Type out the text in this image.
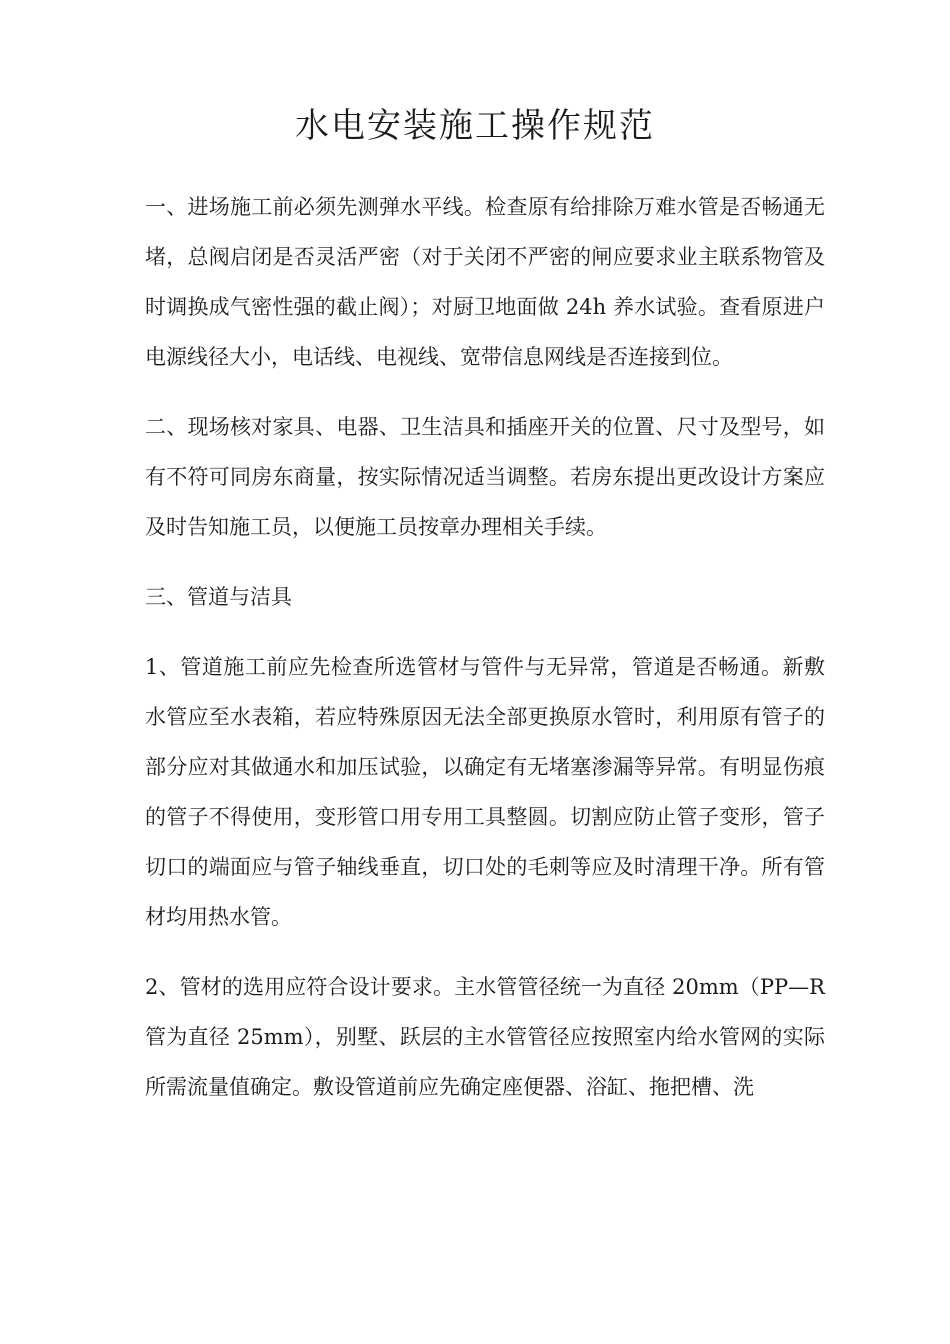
水电安装施工操作规范

一、进场施工前必须先测弹水平线。检查原有给排除万难水管是否畅通无堵，总阀启闭是否灵活严密（对于关闭不严密的闸应要求业主联系物管及时调换成气密性强的截止阀）；对厨卫地面做 24h 养水试验。查看原进户电源线径大小，电话线、电视线、宽带信息网线是否连接到位。

二、现场核对家具、电器、卫生洁具和插座开关的位置、尺寸及型号，如有不符可同房东商量，按实际情况适当调整。若房东提出更改设计方案应及时告知施工员，以便施工员按章办理相关手续。

三、管道与洁具

1、管道施工前应先检查所选管材与管件与无异常，管道是否畅通。新敷水管应至水表箱，若应特殊原因无法全部更换原水管时，利用原有管子的部分应对其做通水和加压试验，以确定有无堵塞渗漏等异常。有明显伤痕的管子不得使用，变形管口用专用工具整圆。切割应防止管子变形，管子切口的端面应与管子轴线垂直，切口处的毛刺等应及时清理干净。所有管材均用热水管。

2、管材的选用应符合设计要求。主水管管径统一为直径 20mm（PP—R 管为直径 25mm），别墅、跃层的主水管管径应按照室内给水管网的实际所需流量值确定。敷设管道前应先确定座便器、浴缸、拖把槽、洗
